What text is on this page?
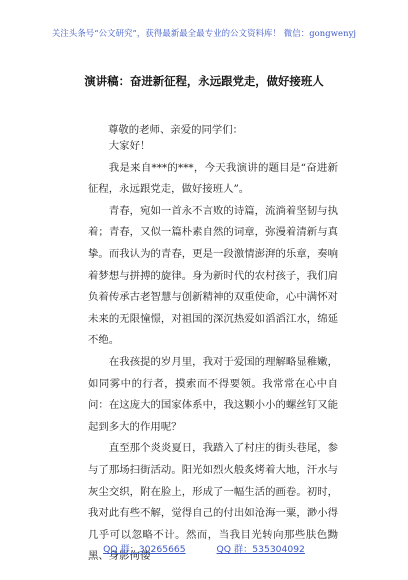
关注头条号“公文研究”，获得最新最全最专业的公文资料库！ 微信：gongwenyj
演讲稿：奋进新征程，永远跟党走，做好接班人
尊敬的老师、亲爱的同学们：

大家好！

我是来自***的***，今天我演讲的题目是“奋进新征程，永远跟党走，做好接班人”。

青春，宛如一首永不言败的诗篇，流淌着坚韧与执着；青春，又似一篇朴素自然的词章，弥漫着清新与真挚。而我认为的青春，更是一段激情澎湃的乐章，奏响着梦想与拼搏的旋律。身为新时代的农村孩子，我们肩负着传承古老智慧与创新精神的双重使命，心中满怀对未来的无限憧憬，对祖国的深沉热爱如滔滔江水，绵延不绝。

在我孩提的岁月里，我对于爱国的理解略显稚嫩，如同雾中的行者，摸索而不得要领。我常常在心中自问：在这庞大的国家体系中，我这颗小小的螺丝钉又能起到多大的作用呢？

直至那个炎炎夏日，我踏入了村庄的街头巷尾，参与了那场扫街活动。阳光如烈火般炙烤着大地，汗水与灰尘交织，附在脸上，形成了一幅生活的画卷。初时，我对此有些不解，觉得自己的付出如沧海一粟，渺小得几乎可以忽略不计。然而，当我目光转向那些肤色黝黑、身影佝偻

QQ 群：30265665	QQ 群：535304092
